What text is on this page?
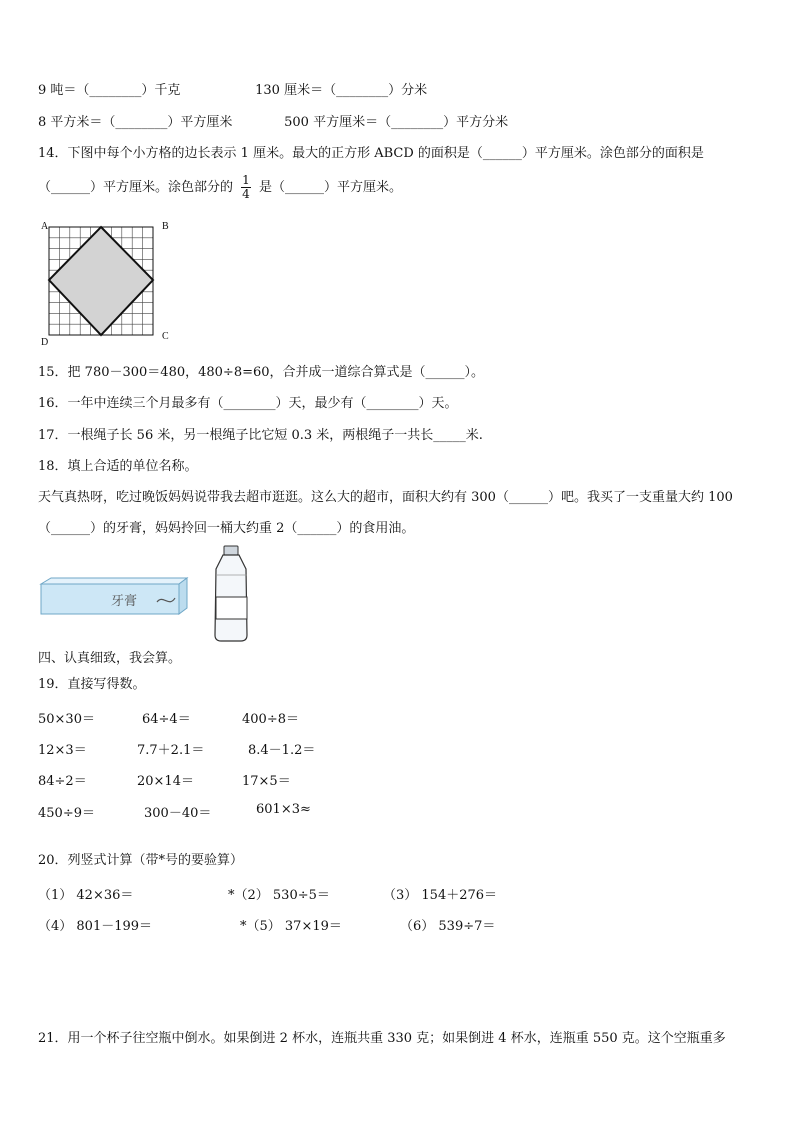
9 吨＝（________）千克	130 厘米＝（________）分米
8 平方米＝（________）平方厘米	500 平方厘米＝（________）平方分米
14．下图中每个小方格的边长表示 1 厘米。最大的正方形 ABCD 的面积是（______）平方厘米。涂色部分的面积是
（______）平方厘米。涂色部分的 $\frac{1}{4}$ 是（______）平方厘米。
A	B
C
D
15．把 780－300＝480，480÷8=60，合并成一道综合算式是（______）。
16．一年中连续三个月最多有（________）天，最少有（________）天。
17．一根绳子长 56 米，另一根绳子比它短 0.3 米，两根绳子一共长_____米.
18．填上合适的单位名称。
天气真热呀，吃过晚饭妈妈说带我去超市逛逛。这么大的超市，面积大约有 300（______）吧。我买了一支重量大约 100
（______）的牙膏，妈妈拎回一桶大约重 2（______）的食用油。
牙膏
四、认真细致，我会算。
19．直接写得数。
50×30＝	64÷4＝	400÷8＝
12×3＝	7.7＋2.1＝	8.4－1.2＝
84÷2＝	20×14＝	17×5＝
450÷9＝	300－40＝	601×3≈
20．列竖式计算（带*号的要验算）
（1） 42×36＝	*（2） 530÷5＝	（3） 154＋276＝
（4） 801－199＝	*（5） 37×19＝	（6） 539÷7＝
21．用一个杯子往空瓶中倒水。如果倒进 2 杯水，连瓶共重 330 克；如果倒进 4 杯水，连瓶重 550 克。这个空瓶重多
